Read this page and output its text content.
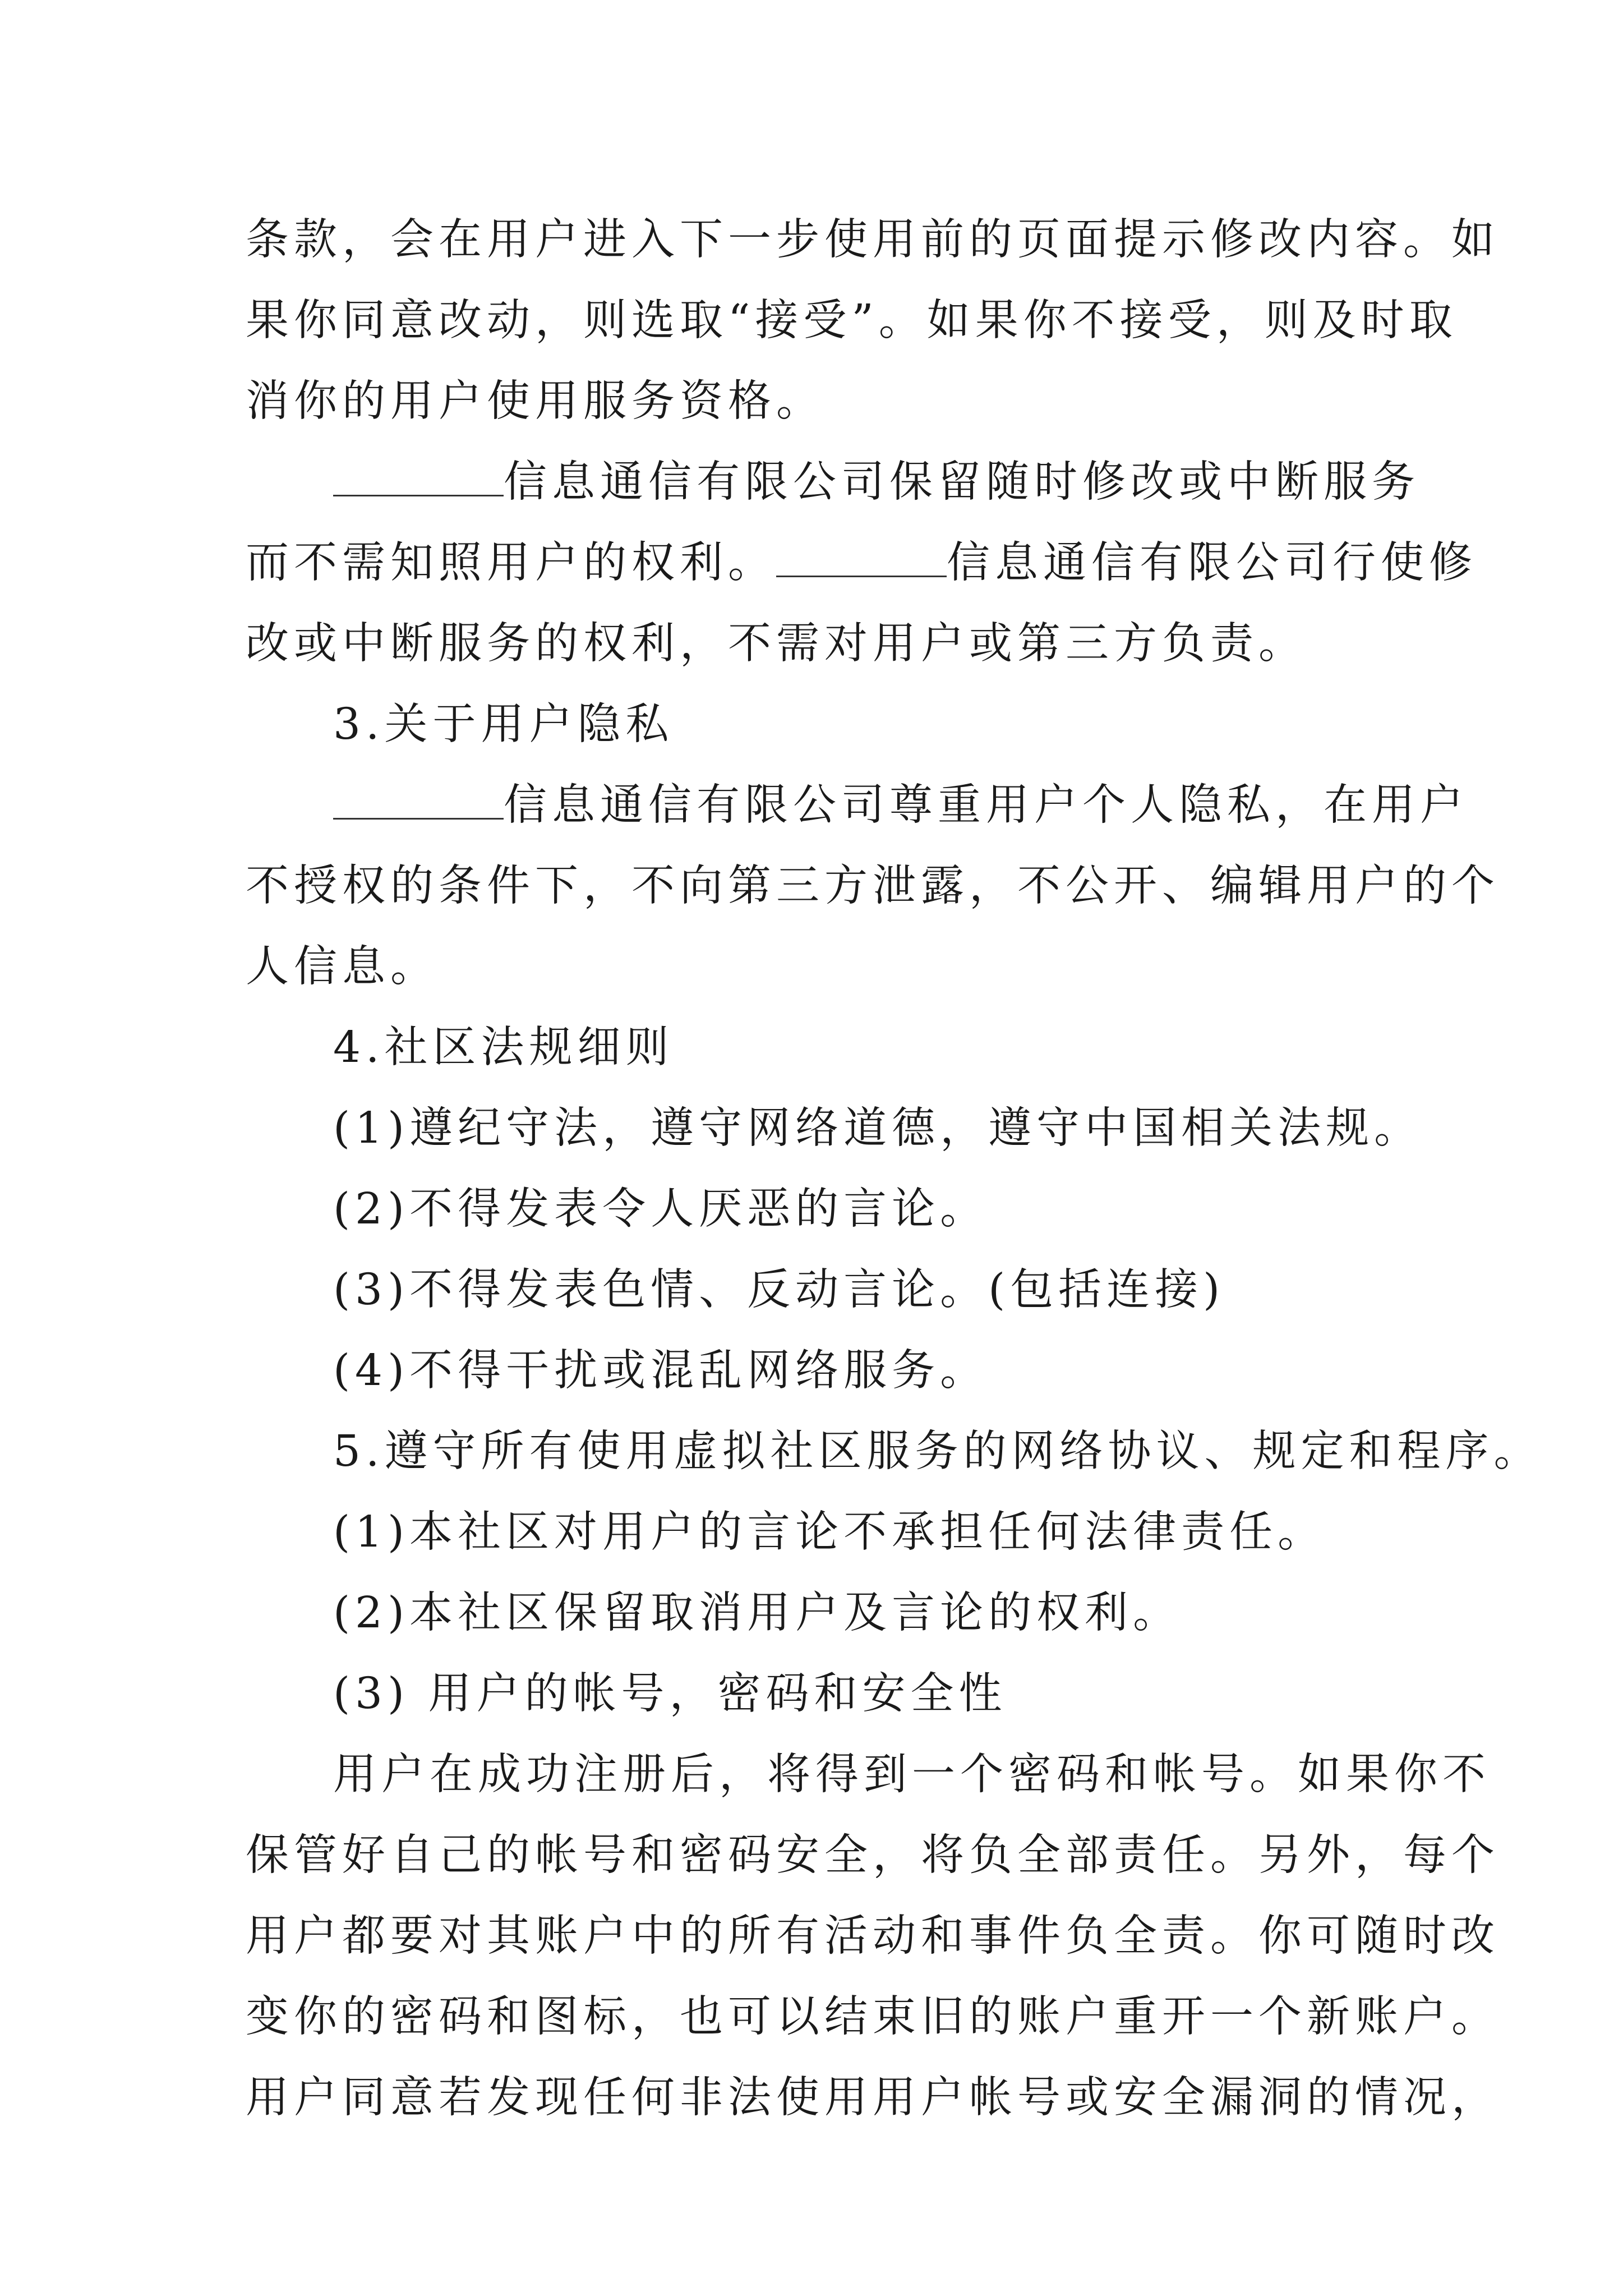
条款，会在用户进入下一步使用前的页面提示修改内容。如

果你同意改动，则选取“接受”。如果你不接受，则及时取

消你的用户使用服务资格。

信息通信有限公司保留随时修改或中断服务

而不需知照用户的权利。	信息通信有限公司行使修

改或中断服务的权利，不需对用户或第三方负责。

3.关于用户隐私

信息通信有限公司尊重用户个人隐私，在用户

不授权的条件下，不向第三方泄露，不公开、编辑用户的个

人信息。

4.社区法规细则

(1)遵纪守法，遵守网络道德，遵守中国相关法规。

(2)不得发表令人厌恶的言论。

(3)不得发表色情、反动言论。(包括连接)

(4)不得干扰或混乱网络服务。

5.遵守所有使用虚拟社区服务的网络协议、规定和程序。

(1)本社区对用户的言论不承担任何法律责任。

(2)本社区保留取消用户及言论的权利。

(3) 用户的帐号，密码和安全性

用户在成功注册后，将得到一个密码和帐号。如果你不

保管好自己的帐号和密码安全，将负全部责任。另外，每个

用户都要对其账户中的所有活动和事件负全责。你可随时改

变你的密码和图标，也可以结束旧的账户重开一个新账户。

用户同意若发现任何非法使用用户帐号或安全漏洞的情况，
